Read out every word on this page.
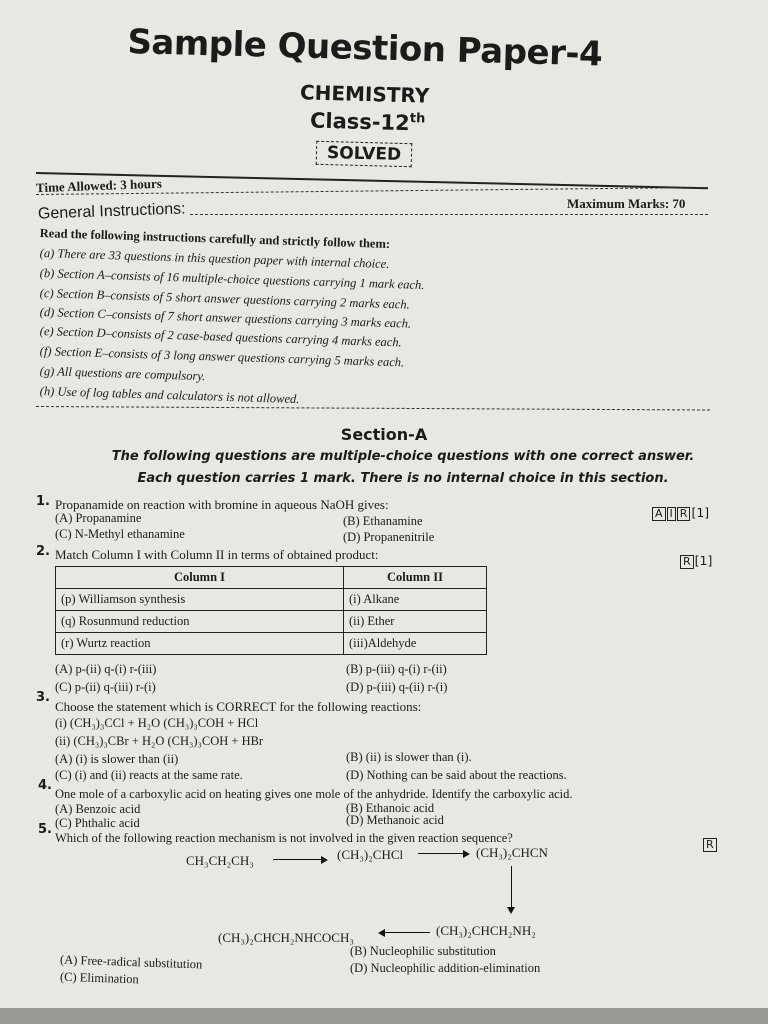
Sample Question Paper-4
CHEMISTRY
Class-12th
SOLVED
Time Allowed: 3 hours
Maximum Marks: 70
General Instructions:
Read the following instructions carefully and strictly follow them:
(a) There are 33 questions in this question paper with internal choice.
(b) Section A–consists of 16 multiple-choice questions carrying 1 mark each.
(c) Section B–consists of 5 short answer questions carrying 2 marks each.
(d) Section C–consists of 7 short answer questions carrying 3 marks each.
(e) Section D–consists of 2 case-based questions carrying 4 marks each.
(f) Section E–consists of 3 long answer questions carrying 5 marks each.
(g) All questions are compulsory.
(h) Use of log tables and calculators is not allowed.
Section-A
The following questions are multiple-choice questions with one correct answer. Each question carries 1 mark. There is no internal choice in this section.
1. Propanamide on reaction with bromine in aqueous NaOH gives:
A I R [1]
(A) Propanamine	(B) Ethanamine
(C) N-Methyl ethanamine	(D) Propanenitrile
2. Match Column I with Column II in terms of obtained product:	R [1]
Column I	Column II
(p) Williamson synthesis	(i) Alkane
(q) Rosunmund reduction	(ii) Ether
(r) Wurtz reaction	(iii)Aldehyde
(A) p-(ii) q-(i) r-(iii)	(B) p-(iii) q-(i) r-(ii)
(C) p-(ii) q-(iii) r-(i)	(D) p-(iii) q-(ii) r-(i)
3.
Choose the statement which is CORRECT for the following reactions:
(i) (CH₃)₃CCl + H₂O (CH₃)₃COH + HCl
(ii) (CH₃)₃CBr + H₂O (CH₃)₃COH + HBr
(A) (i) is slower than (ii)	(B) (ii) is slower than (i).
(C) (i) and (ii) reacts at the same rate.	(D) Nothing can be said about the reactions.
4.
One mole of a carboxylic acid on heating gives one mole of the anhydride. Identify the carboxylic acid.
(A) Benzoic acid	(B) Ethanoic acid
(C) Phthalic acid	(D) Methanoic acid
5.
Which of the following reaction mechanism is not involved in the given reaction sequence?	R
CH₃CH₂CH₃ → (CH₃)₂CHCl → (CH₃)₂CHCN
(CH₃)₂CHCH₂NH₂
(CH₃)₂CHCH₂NHCOCH₃
(A) Free-radical substitution
(B) Nucleophilic substitution
(C) Elimination
(D) Nucleophilic addition-elimination
